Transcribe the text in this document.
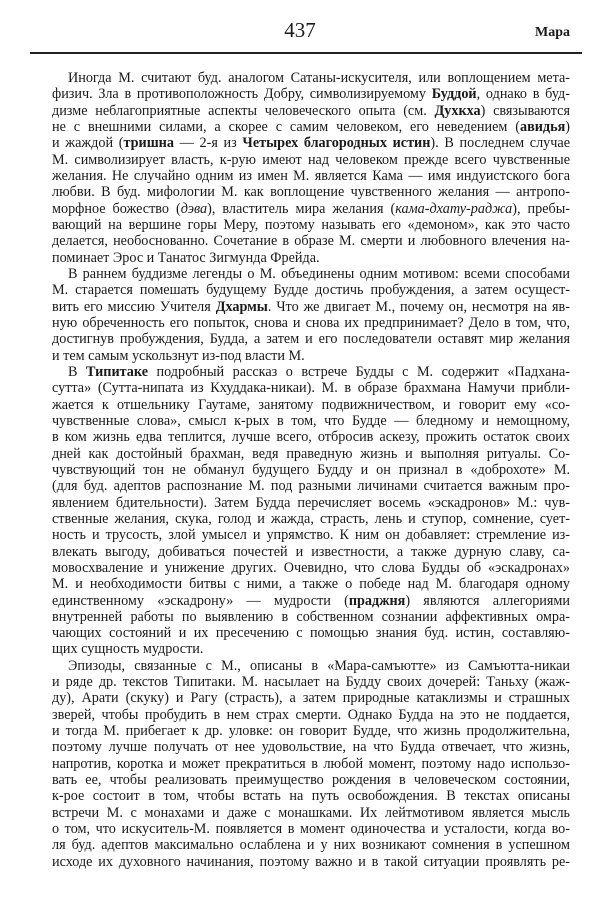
437	Мара
Иногда М. считают буд. аналогом Сатаны-искусителя, или воплощением мета-
физич. Зла в противоположность Добру, символизируемому Буддой, однако в буд-
дизме неблагоприятные аспекты человеческого опыта (см. Духкха) связываются
не с внешними силами, а скорее с самим человеком, его неведением (авидья)
и жаждой (тришна — 2-я из Четырех благородных истин). В последнем случае
М. символизирует власть, к-рую имеют над человеком прежде всего чувственные
желания. Не случайно одним из имен М. является Кама — имя индуистского бога
любви. В буд. мифологии М. как воплощение чувственного желания — антропо-
морфное божество (дэва), властитель мира желания (кама-дхату-раджа), пребы-
вающий на вершине горы Меру, поэтому называть его «демоном», как это часто
делается, необоснованно. Сочетание в образе М. смерти и любовного влечения на-
поминает Эрос и Танатос Зигмунда Фрейда.
В раннем буддизме легенды о М. объединены одним мотивом: всеми способами
М. старается помешать будущему Будде достичь пробуждения, а затем осущест-
вить его миссию Учителя Дхармы. Что же двигает М., почему он, несмотря на яв-
ную обреченность его попыток, снова и снова их предпринимает? Дело в том, что,
достигнув пробуждения, Будда, а затем и его последователи оставят мир желания
и тем самым ускользнут из-под власти М.
В Типитаке подробный рассказ о встрече Будды с М. содержит «Падхана-
сутта» (Сутта-нипата из Кхуддака-никаи). М. в образе брахмана Намучи прибли-
жается к отшельнику Гаутаме, занятому подвижничеством, и говорит ему «со-
чувственные слова», смысл к-рых в том, что Будде — бледному и немощному,
в ком жизнь едва теплится, лучше всего, отбросив аскезу, прожить остаток своих
дней как достойный брахман, ведя праведную жизнь и выполняя ритуалы. Со-
чувствующий тон не обманул будущего Будду и он признал в «доброхоте» М.
(для буд. адептов распознание М. под разными личинами считается важным про-
явлением бдительности). Затем Будда перечисляет восемь «эскадронов» М.: чув-
ственные желания, скука, голод и жажда, страсть, лень и ступор, сомнение, сует-
ность и трусость, злой умысел и упрямство. К ним он добавляет: стремление из-
влекать выгоду, добиваться почестей и известности, а также дурную славу, са-
мовосхваление и унижение других. Очевидно, что слова Будды об «эскадронах»
М. и необходимости битвы с ними, а также о победе над М. благодаря одному
единственному «эскадрону» — мудрости (праджня) являются аллегориями
внутренней работы по выявлению в собственном сознании аффективных омра-
чающих состояний и их пресечению с помощью знания буд. истин, составляю-
щих сущность мудрости.
Эпизоды, связанные с М., описаны в «Мара-самъютте» из Самъютта-никаи
и ряде др. текстов Типитаки. М. насылает на Будду своих дочерей: Таньху (жаж-
ду), Арати (скуку) и Рагу (страсть), а затем природные катаклизмы и страшных
зверей, чтобы пробудить в нем страх смерти. Однако Будда на это не поддается,
и тогда М. прибегает к др. уловке: он говорит Будде, что жизнь продолжительна,
поэтому лучше получать от нее удовольствие, на что Будда отвечает, что жизнь,
напротив, коротка и может прекратиться в любой момент, поэтому надо использо-
вать ее, чтобы реализовать преимущество рождения в человеческом состоянии,
к-рое состоит в том, чтобы встать на путь освобождения. В текстах описаны
встречи М. с монахами и даже с монашками. Их лейтмотивом является мысль
о том, что искуситель-М. появляется в момент одиночества и усталости, когда во-
ля буд. адептов максимально ослаблена и у них возникают сомнения в успешном
исходе их духовного начинания, поэтому важно и в такой ситуации проявлять ре-
